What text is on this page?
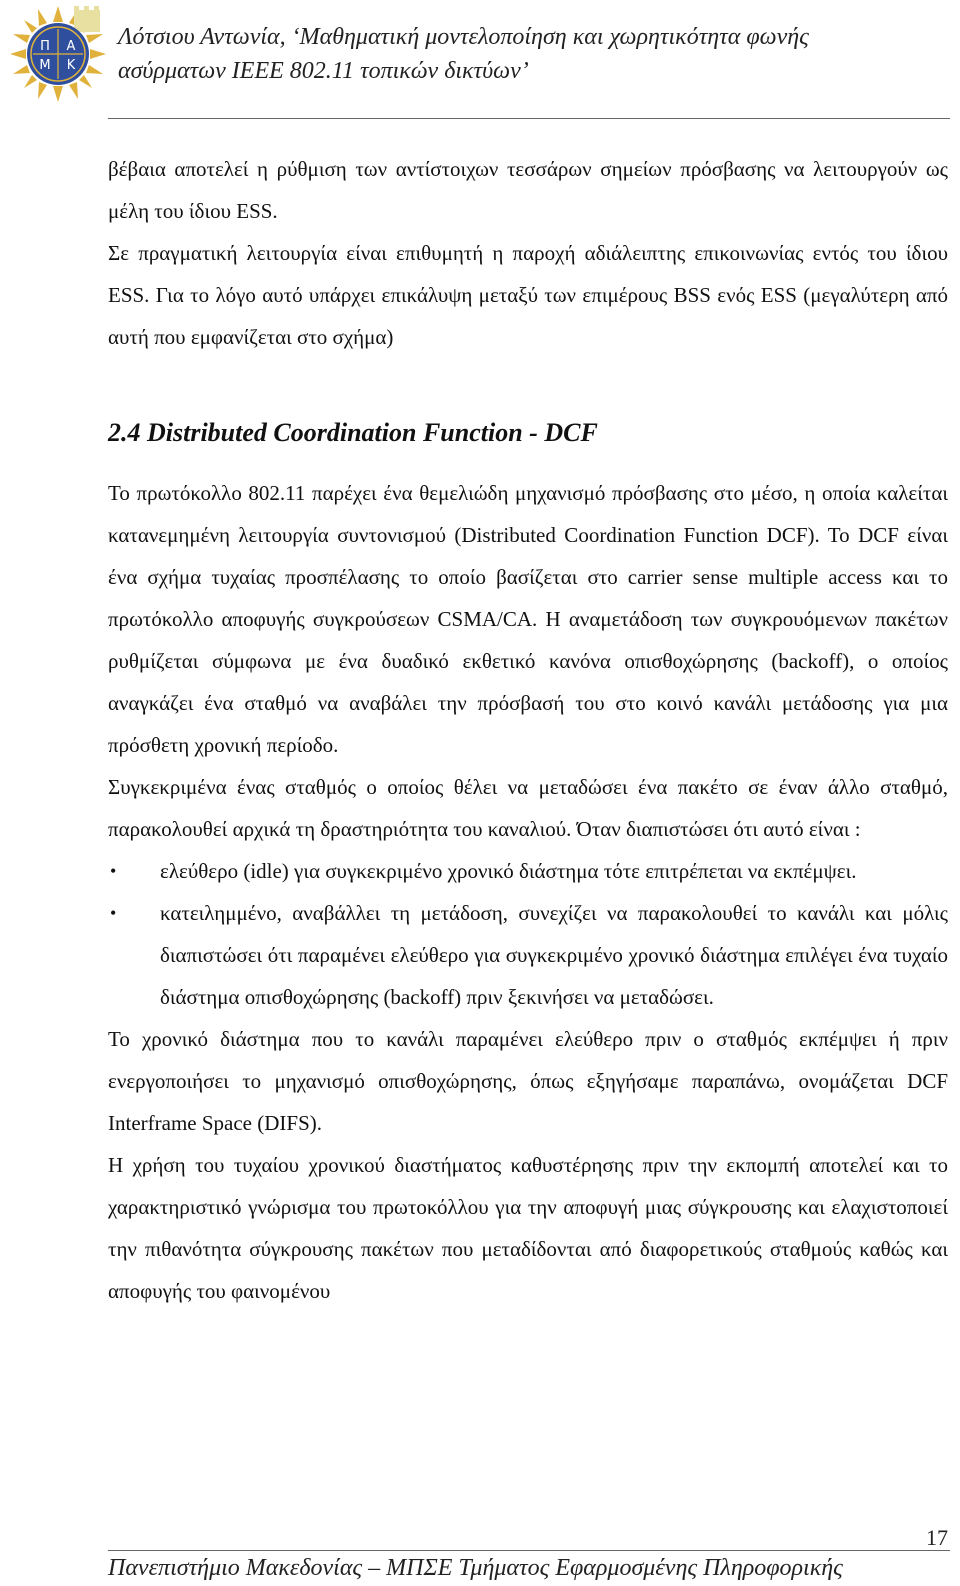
Π Α
Μ Κ
Λότσιου Αντωνία, ‘Μαθηματική μοντελοποίηση και χωρητικότητα φωνής
ασύρματων IEEE 802.11 τοπικών δικτύων’

βέβαια αποτελεί η ρύθμιση των αντίστοιχων τεσσάρων σημείων πρόσβασης να λειτουργούν ως μέλη του ίδιου ESS.

Σε πραγματική λειτουργία είναι επιθυμητή η παροχή αδιάλειπτης επικοινωνίας εντός του ίδιου ESS. Για το λόγο αυτό υπάρχει επικάλυψη μεταξύ των επιμέρους BSS ενός ESS (μεγαλύτερη από αυτή που εμφανίζεται στο σχήμα)

2.4 Distributed Coordination Function - DCF

Το πρωτόκολλο 802.11 παρέχει ένα θεμελιώδη μηχανισμό πρόσβασης στο μέσο, η οποία καλείται κατανεμημένη λειτουργία συντονισμού (Distributed Coordination Function DCF). Το DCF είναι ένα σχήμα τυχαίας προσπέλασης το οποίο βασίζεται στο carrier sense multiple access και το πρωτόκολλο αποφυγής συγκρούσεων CSMA/CA. Η αναμετάδοση των συγκρουόμενων πακέτων ρυθμίζεται σύμφωνα με ένα δυαδικό εκθετικό κανόνα οπισθοχώρησης (backoff), ο οποίος αναγκάζει ένα σταθμό να αναβάλει την πρόσβασή του στο κοινό κανάλι μετάδοσης για μια πρόσθετη χρονική περίοδο.

Συγκεκριμένα ένας σταθμός ο οποίος θέλει να μεταδώσει ένα πακέτο σε έναν άλλο σταθμό, παρακολουθεί αρχικά τη δραστηριότητα του καναλιού. Όταν διαπιστώσει ότι αυτό είναι :

• ελεύθερο (idle) για συγκεκριμένο χρονικό διάστημα τότε επιτρέπεται να εκπέμψει.
• κατειλημμένο, αναβάλλει τη μετάδοση, συνεχίζει να παρακολουθεί το κανάλι και μόλις διαπιστώσει ότι παραμένει ελεύθερο για συγκεκριμένο χρονικό διάστημα επιλέγει ένα τυχαίο διάστημα οπισθοχώρησης (backoff) πριν ξεκινήσει να μεταδώσει.

Το χρονικό διάστημα που το κανάλι παραμένει ελεύθερο πριν ο σταθμός εκπέμψει ή πριν ενεργοποιήσει το μηχανισμό οπισθοχώρησης, όπως εξηγήσαμε παραπάνω, ονομάζεται DCF Interframe Space (DIFS).

Η χρήση του τυχαίου χρονικού διαστήματος καθυστέρησης πριν την εκπομπή αποτελεί και το χαρακτηριστικό γνώρισμα του πρωτοκόλλου για την αποφυγή μιας σύγκρουσης και ελαχιστοποιεί την πιθανότητα σύγκρουσης πακέτων που μεταδίδονται από διαφορετικούς σταθμούς καθώς και αποφυγής του φαινομένου

17
Πανεπιστήμιο Μακεδονίας – ΜΠΣΕ Τμήματος Εφαρμοσμένης Πληροφορικής
